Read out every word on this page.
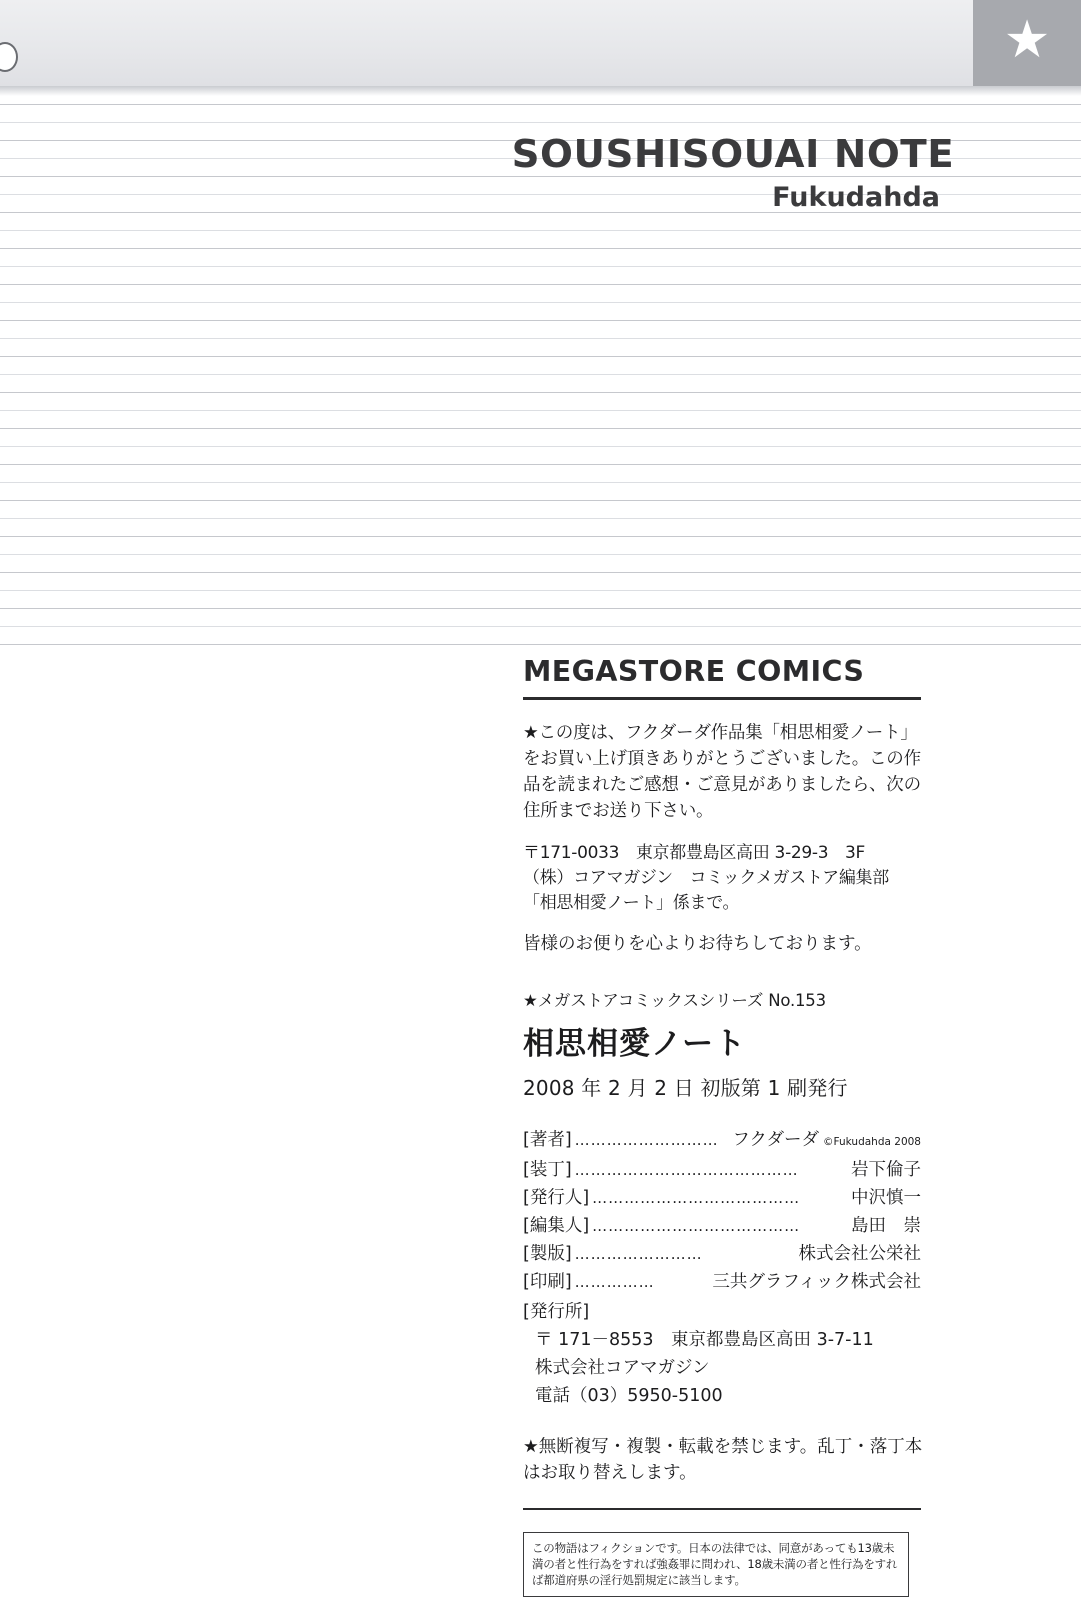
★
SOUSHISOUAI NOTE
Fukudahda
MEGASTORE COMICS
★この度は、フクダーダ作品集「相思相愛ノート」をお買い上げ頂きありがとうございました。この作品を読まれたご感想・ご意見がありましたら、次の住所までお送り下さい。
〒171-0033　東京都豊島区高田 3-29-3　3F
（株）コアマガジン　コミックメガストア編集部
「相思相愛ノート」係まで。
皆様のお便りを心よりお待ちしております。
★メガストアコミックスシリーズ No.153
相思相愛ノート
2008 年 2 月 2 日 初版第 1 刷発行
[著者] ……………………… フクダーダ ©Fukudahda 2008
[装丁] ……………………………………	岩下倫子
[発行人] …………………………………	中沢慎一
[編集人] …………………………………	島田　崇
[製版] ……………………	株式会社公栄社
[印刷] ……………	三共グラフィック株式会社
[発行所]
〒 171－8553　東京都豊島区高田 3-7-11
株式会社コアマガジン
電話（03）5950-5100
★無断複写・複製・転載を禁じます。乱丁・落丁本はお取り替えします。
この物語はフィクションです。日本の法律では、同意があっても13歳未満の者と性行為をすれば強姦罪に問われ、18歳未満の者と性行為をすれば都道府県の淫行処罰規定に該当します。
